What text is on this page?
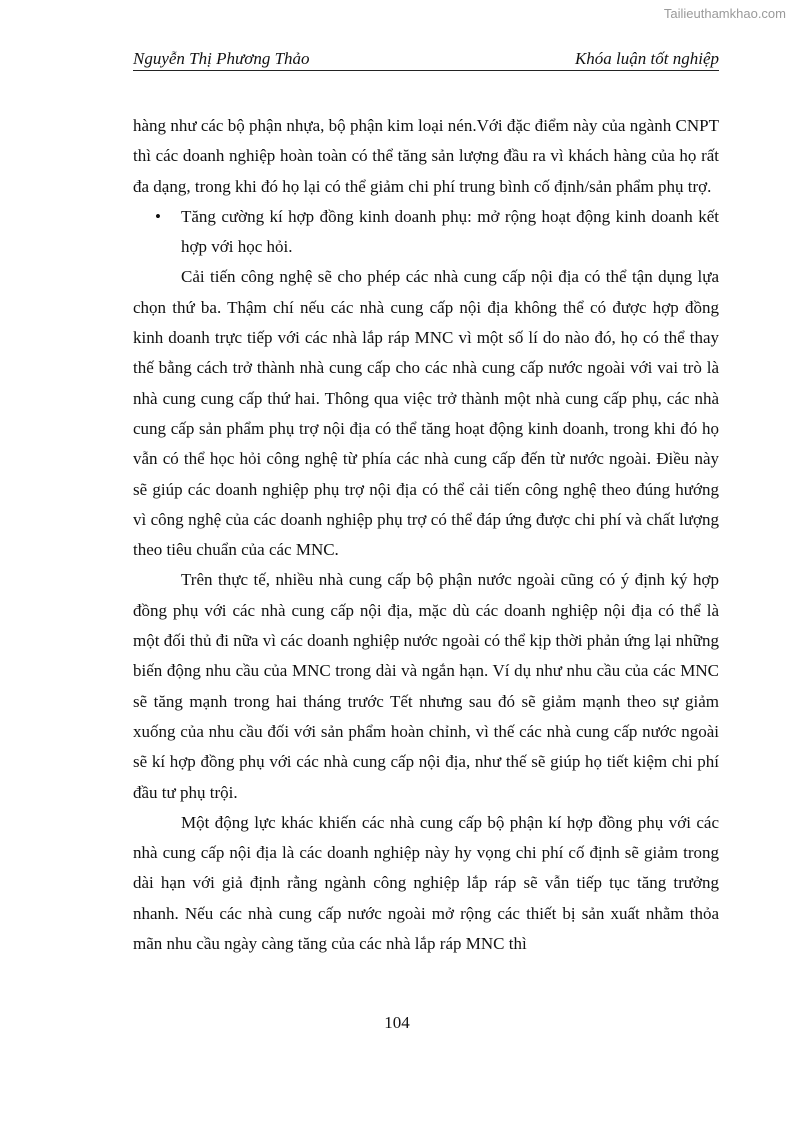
Tailieuthamkhao.com
Nguyễn Thị Phương Thảo	Khóa luận tốt nghiệp

hàng như các bộ phận nhựa, bộ phận kim loại nén.Với đặc điểm này của ngành CNPT thì các doanh nghiệp hoàn toàn có thể tăng sản lượng đầu ra vì khách hàng của họ rất đa dạng, trong khi đó họ lại có thể giảm chi phí trung bình cố định/sản phẩm phụ trợ.

• Tăng cường kí hợp đồng kinh doanh phụ: mở rộng hoạt động kinh doanh kết hợp với học hỏi.

Cải tiến công nghệ sẽ cho phép các nhà cung cấp nội địa có thể tận dụng lựa chọn thứ ba. Thậm chí nếu các nhà cung cấp nội địa không thể có được hợp đồng kinh doanh trực tiếp với các nhà lắp ráp MNC vì một số lí do nào đó, họ có thể thay thế bằng cách trở thành nhà cung cấp cho các nhà cung cấp nước ngoài với vai trò là nhà cung cung cấp thứ hai. Thông qua việc trở thành một nhà cung cấp phụ, các nhà cung cấp sản phẩm phụ trợ nội địa có thể tăng hoạt động kinh doanh, trong khi đó họ vẫn có thể học hỏi công nghệ từ phía các nhà cung cấp đến từ nước ngoài. Điều này sẽ giúp các doanh nghiệp phụ trợ nội địa có thể cải tiến công nghệ theo đúng hướng vì công nghệ của các doanh nghiệp phụ trợ có thể đáp ứng được chi phí và chất lượng theo tiêu chuẩn của các MNC.

Trên thực tế, nhiều nhà cung cấp bộ phận nước ngoài cũng có ý định ký hợp đồng phụ với các nhà cung cấp nội địa, mặc dù các doanh nghiệp nội địa có thể là một đối thủ đi nữa vì các doanh nghiệp nước ngoài có thể kịp thời phản ứng lại những biến động nhu cầu của MNC trong dài và ngắn hạn. Ví dụ như nhu cầu của các MNC sẽ tăng mạnh trong hai tháng trước Tết nhưng sau đó sẽ giảm mạnh theo sự giảm xuống của nhu cầu đối với sản phẩm hoàn chỉnh, vì thế các nhà cung cấp nước ngoài sẽ kí hợp đồng phụ với các nhà cung cấp nội địa, như thế sẽ giúp họ tiết kiệm chi phí đầu tư phụ trội.

Một động lực khác khiến các nhà cung cấp bộ phận kí hợp đồng phụ với các nhà cung cấp nội địa là các doanh nghiệp này hy vọng chi phí cố định sẽ giảm trong dài hạn với giả định rằng ngành công nghiệp lắp ráp sẽ vẫn tiếp tục tăng trưởng nhanh. Nếu các nhà cung cấp nước ngoài mở rộng các thiết bị sản xuất nhằm thỏa mãn nhu cầu ngày càng tăng của các nhà lắp ráp MNC thì

104
